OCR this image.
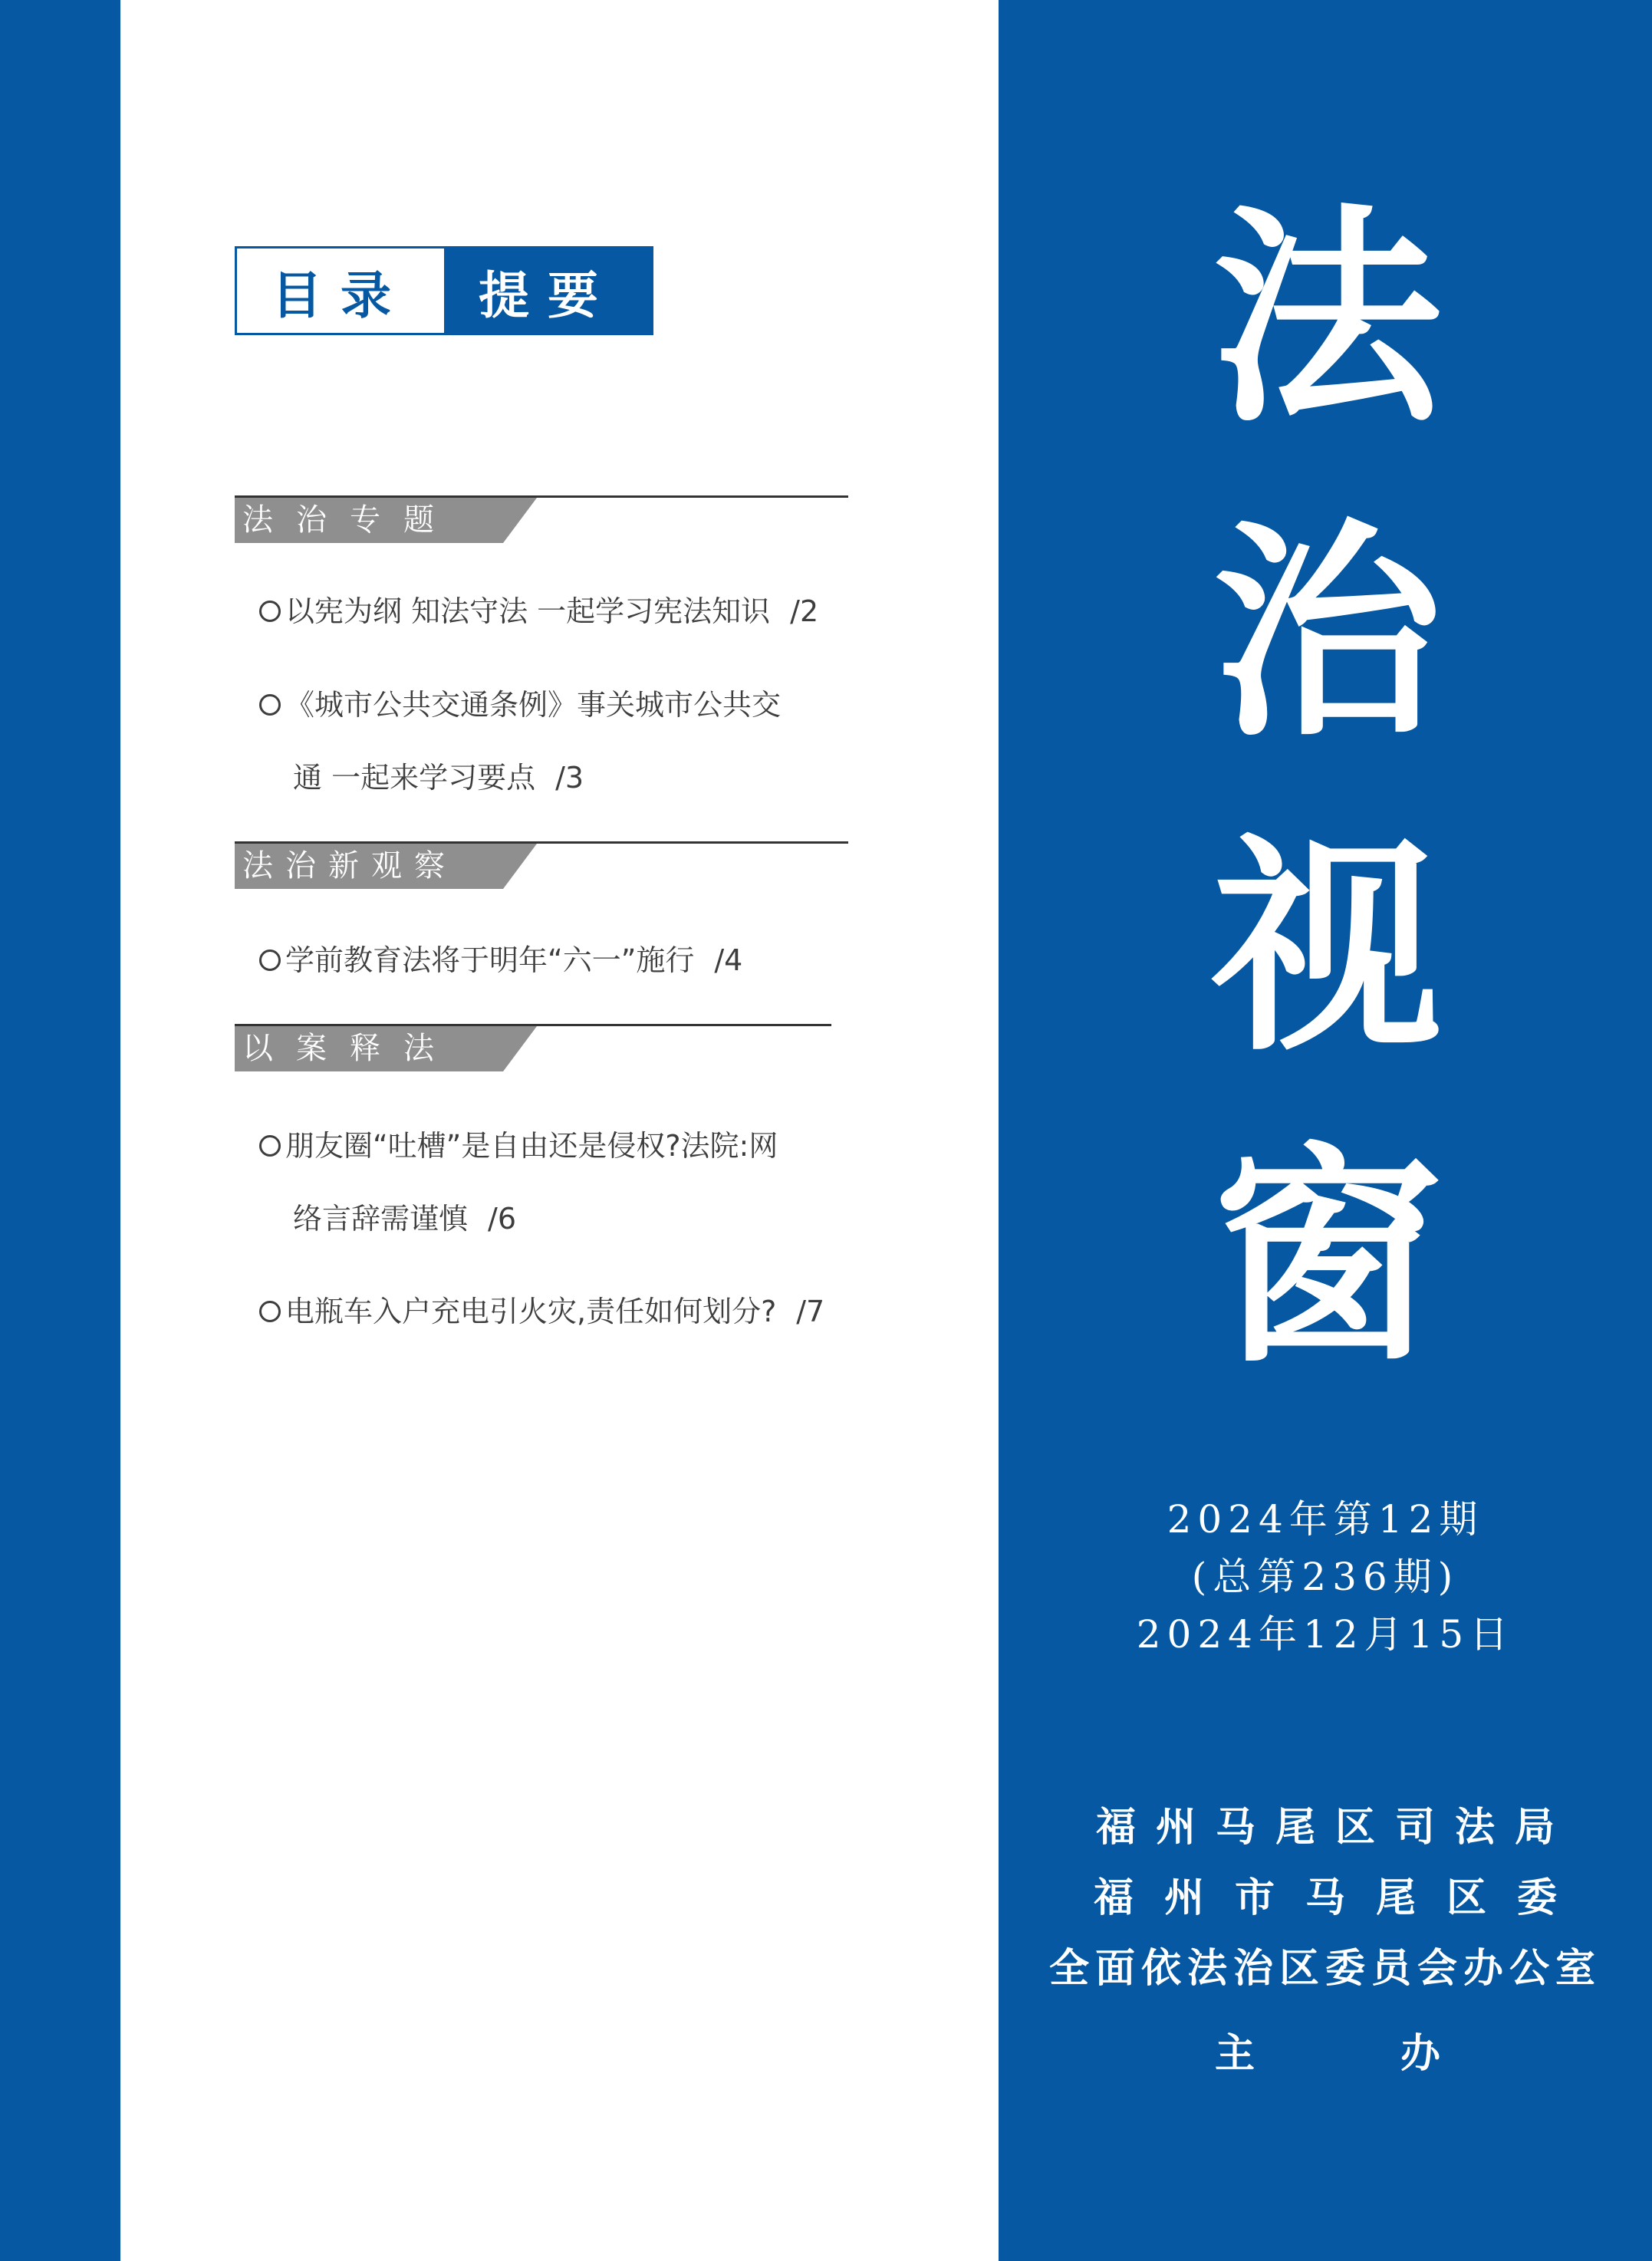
目录	提要
法治专题
以宪为纲 知法守法 一起学习宪法知识 /2
《城市公共交通条例》事关城市公共交
通 一起来学习要点 /3
法治新观察
学前教育法将于明年“六一”施行 /4
以案释法
朋友圈“吐槽”是自由还是侵权?法院:网
络言辞需谨慎 /6
电瓶车入户充电引火灾,责任如何划分? /7
法
治
视
窗
2024年第12期
(总第236期)
2024年12月15日
福州马尾区司法局
福州市马尾区委
全面依法治区委员会办公室
主	办
